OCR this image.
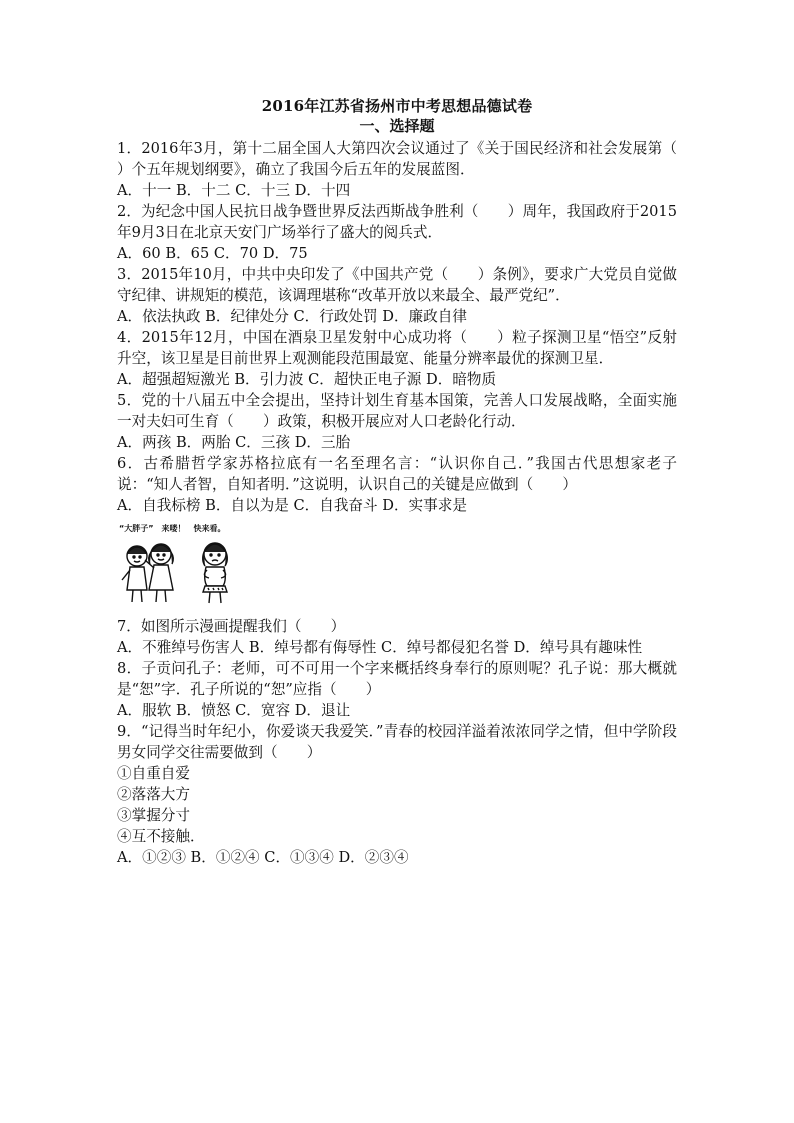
2016年江苏省扬州市中考思想品德试卷
一、选择题

1．2016年3月，第十二届全国人大第四次会议通过了《关于国民经济和社会发展第（　　）个五年规划纲要》，确立了我国今后五年的发展蓝图．

A．十一 B．十二 C．十三 D．十四

2．为纪念中国人民抗日战争暨世界反法西斯战争胜利（　　）周年，我国政府于2015年9月3日在北京天安门广场举行了盛大的阅兵式．

A．60 B．65 C．70 D．75

3．2015年10月，中共中央印发了《中国共产党（　　）条例》，要求广大党员自觉做守纪律、讲规矩的模范，该调理堪称“改革开放以来最全、最严党纪”．

A．依法执政 B．纪律处分 C．行政处罚 D．廉政自律

4．2015年12月，中国在酒泉卫星发射中心成功将（　　）粒子探测卫星“悟空”反射升空，该卫星是目前世界上观测能段范围最宽、能量分辨率最优的探测卫星．

A．超强超短激光 B．引力波 C．超快正电子源 D．暗物质

5．党的十八届五中全会提出，坚持计划生育基本国策，完善人口发展战略，全面实施一对夫妇可生育（　　）政策，积极开展应对人口老龄化行动．

A．两孩 B．两胎 C．三孩 D．三胎

6．古希腊哲学家苏格拉底有一名至理名言：“认识你自己．”我国古代思想家老子说：“知人者智，自知者明．”这说明，认识自己的关键是应做到（　　）

A．自我标榜 B．自以为是 C．自我奋斗 D．实事求是

“大胖子”　来喽！　快来看。

7．如图所示漫画提醒我们（　　）

A．不雅绰号伤害人 B．绰号都有侮辱性 C．绰号都侵犯名誉 D．绰号具有趣味性

8．子贡问孔子：老师，可不可用一个字来概括终身奉行的原则呢？孔子说：那大概就是“恕”字．孔子所说的“恕”应指（　　）

A．服软 B．愤怒 C．宽容 D．退让

9．“记得当时年纪小，你爱谈天我爱笑．”青春的校园洋溢着浓浓同学之情，但中学阶段男女同学交往需要做到（　　）

①自重自爱

②落落大方

③掌握分寸

④互不接触．

A．①②③ B．①②④ C．①③④ D．②③④
